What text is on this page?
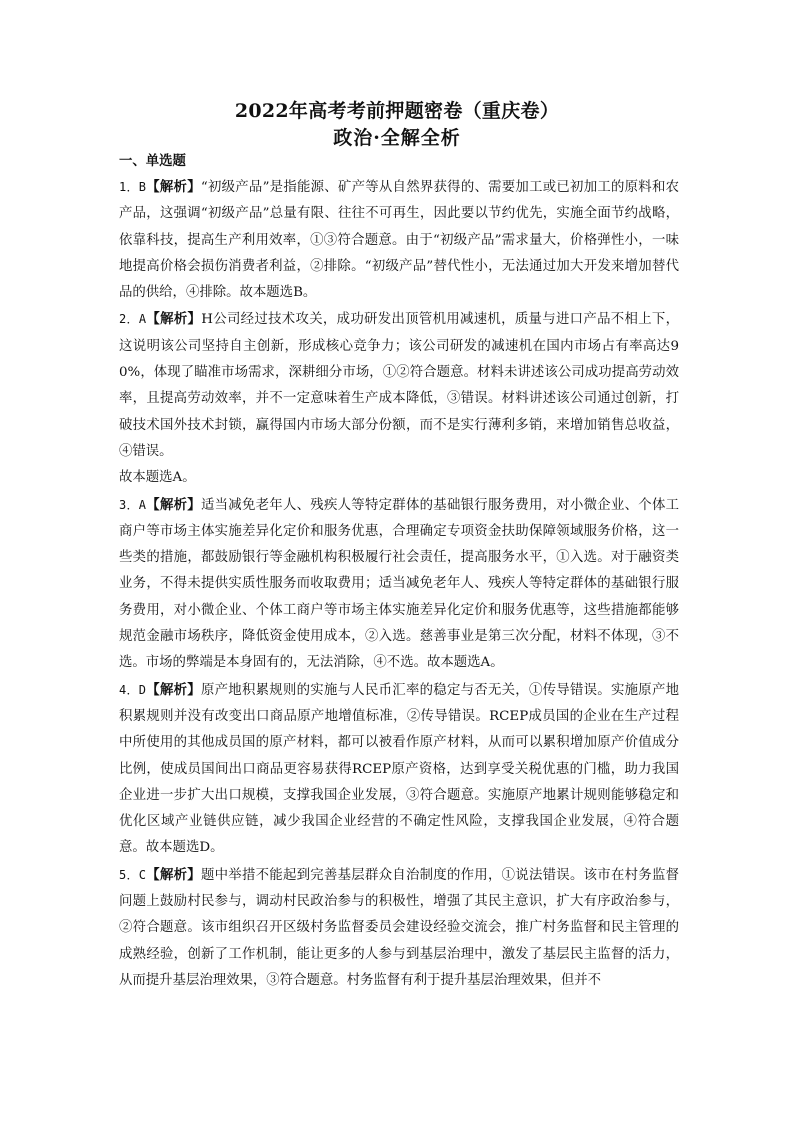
2022年高考考前押题密卷（重庆卷）
政治·全解全析
一、单选题

1．B【解析】“初级产品”是指能源、矿产等从自然界获得的、需要加工或已初加工的原料和农产品，这强调“初级产品”总量有限、往往不可再生，因此要以节约优先，实施全面节约战略，依靠科技，提高生产利用效率，①③符合题意。由于“初级产品”需求量大，价格弹性小，一味地提高价格会损伤消费者利益，②排除。“初级产品”替代性小，无法通过加大开发来增加替代品的供给，④排除。故本题选B。

2．A【解析】H公司经过技术攻关，成功研发出顶管机用减速机，质量与进口产品不相上下，这说明该公司坚持自主创新，形成核心竞争力；该公司研发的减速机在国内市场占有率高达90%，体现了瞄准市场需求，深耕细分市场，①②符合题意。材料未讲述该公司成功提高劳动效率，且提高劳动效率，并不一定意味着生产成本降低，③错误。材料讲述该公司通过创新，打破技术国外技术封锁，赢得国内市场大部分份额，而不是实行薄利多销，来增加销售总收益，④错误。

故本题选A。

3．A【解析】适当减免老年人、残疾人等特定群体的基础银行服务费用，对小微企业、个体工商户等市场主体实施差异化定价和服务优惠，合理确定专项资金扶助保障领域服务价格，这一些类的措施，都鼓励银行等金融机构积极履行社会责任，提高服务水平，①入选。对于融资类业务，不得未提供实质性服务而收取费用；适当减免老年人、残疾人等特定群体的基础银行服务费用，对小微企业、个体工商户等市场主体实施差异化定价和服务优惠等，这些措施都能够规范金融市场秩序，降低资金使用成本，②入选。慈善事业是第三次分配，材料不体现，③不选。市场的弊端是本身固有的，无法消除，④不选。故本题选A。

4．D【解析】原产地积累规则的实施与人民币汇率的稳定与否无关，①传导错误。实施原产地积累规则并没有改变出口商品原产地增值标准，②传导错误。RCEP成员国的企业在生产过程中所使用的其他成员国的原产材料，都可以被看作原产材料，从而可以累积增加原产价值成分比例，使成员国间出口商品更容易获得RCEP原产资格，达到享受关税优惠的门槛，助力我国企业进一步扩大出口规模，支撑我国企业发展，③符合题意。实施原产地累计规则能够稳定和优化区域产业链供应链，减少我国企业经营的不确定性风险，支撑我国企业发展，④符合题意。故本题选D。

5．C【解析】题中举措不能起到完善基层群众自治制度的作用，①说法错误。该市在村务监督问题上鼓励村民参与，调动村民政治参与的积极性，增强了其民主意识，扩大有序政治参与，②符合题意。该市组织召开区级村务监督委员会建设经验交流会，推广村务监督和民主管理的成熟经验，创新了工作机制，能让更多的人参与到基层治理中，激发了基层民主监督的活力，从而提升基层治理效果，③符合题意。村务监督有利于提升基层治理效果，但并不
